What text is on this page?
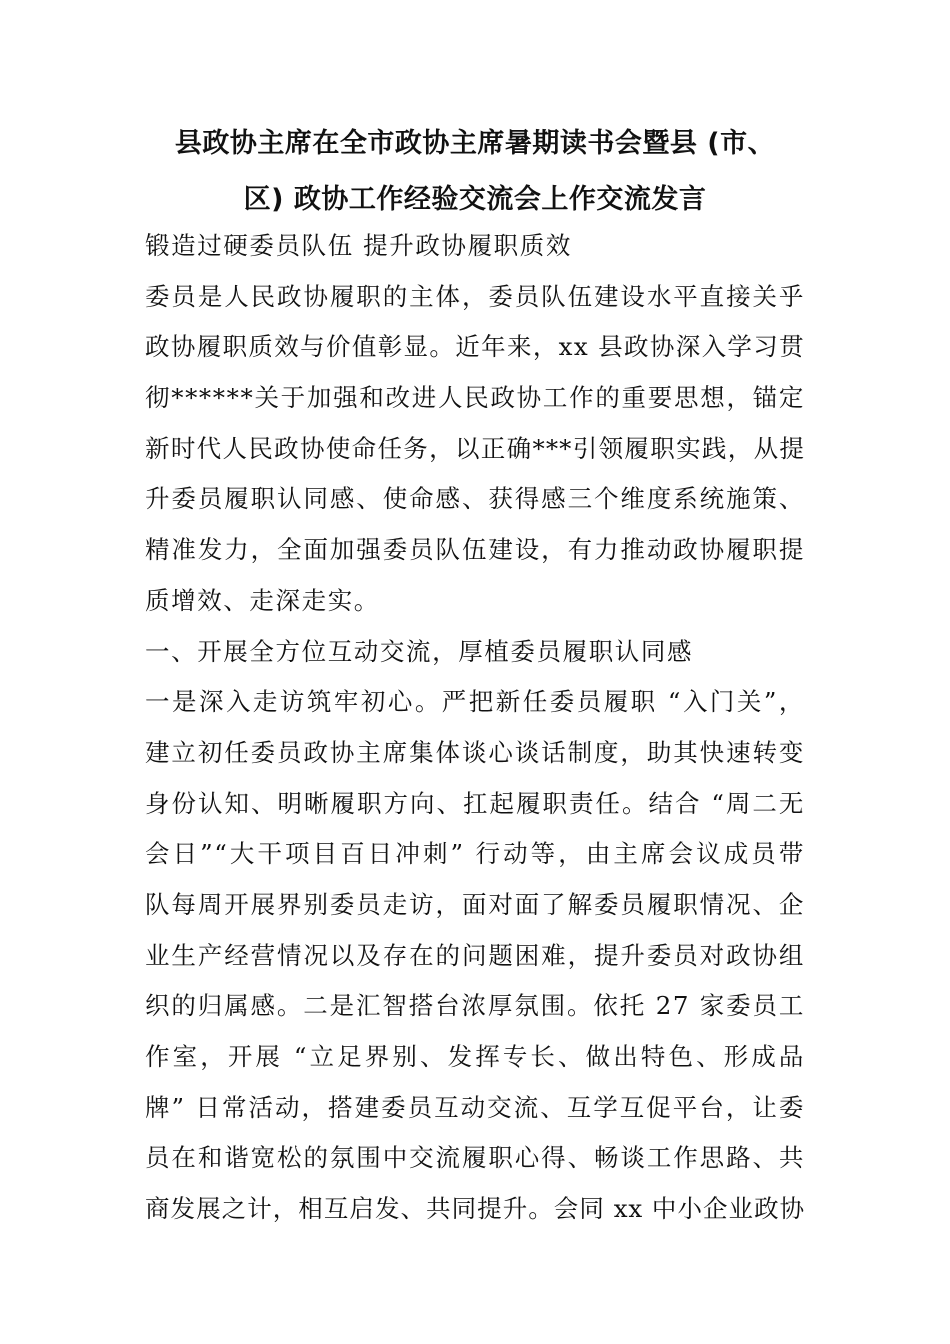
县政协主席在全市政协主席暑期读书会暨县 (市、
区) 政协工作经验交流会上作交流发言
锻造过硬委员队伍 提升政协履职质效
委员是人民政协履职的主体，委员队伍建设水平直接关乎
政协履职质效与价值彰显。近年来，xx 县政协深入学习贯
彻******关于加强和改进人民政协工作的重要思想，锚定
新时代人民政协使命任务，以正确***引领履职实践，从提
升委员履职认同感、使命感、获得感三个维度系统施策、
精准发力，全面加强委员队伍建设，有力推动政协履职提
质增效、走深走实。
一、开展全方位互动交流，厚植委员履职认同感
一是深入走访筑牢初心。严把新任委员履职 “入门关”，
建立初任委员政协主席集体谈心谈话制度，助其快速转变
身份认知、明晰履职方向、扛起履职责任。结合 “周二无
会日”“大干项目百日冲刺” 行动等，由主席会议成员带
队每周开展界别委员走访，面对面了解委员履职情况、企
业生产经营情况以及存在的问题困难，提升委员对政协组
织的归属感。二是汇智搭台浓厚氛围。依托 27 家委员工
作室，开展 “立足界别、发挥专长、做出特色、形成品
牌” 日常活动，搭建委员互动交流、互学互促平台，让委
员在和谐宽松的氛围中交流履职心得、畅谈工作思路、共
商发展之计，相互启发、共同提升。会同 xx 中小企业政协
